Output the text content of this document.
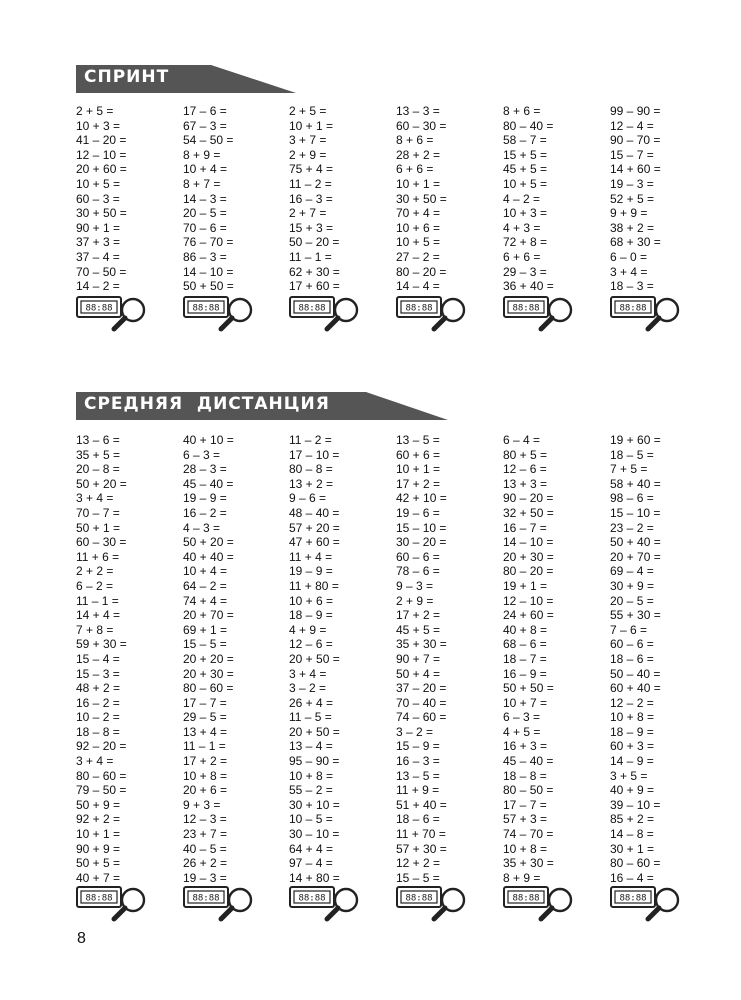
СПРИНТ
2 + 5 =
10 + 3 =
41 – 20 =
12 – 10 =
20 + 60 =
10 + 5 =
60 – 3 =
30 + 50 =
90 + 1 =
37 + 3 =
37 – 4 =
70 – 50 =
14 – 2 =
88:88
17 – 6 =
67 – 3 =
54 – 50 =
8 + 9 =
10 + 4 =
8 + 7 =
14 – 3 =
20 – 5 =
70 – 6 =
76 – 70 =
86 – 3 =
14 – 10 =
50 + 50 =
88:88
2 + 5 =
10 + 1 =
3 + 7 =
2 + 9 =
75 + 4 =
11 – 2 =
16 – 3 =
2 + 7 =
15 + 3 =
50 – 20 =
11 – 1 =
62 + 30 =
17 + 60 =
88:88
13 – 3 =
60 – 30 =
8 + 6 =
28 + 2 =
6 + 6 =
10 + 1 =
30 + 50 =
70 + 4 =
10 + 6 =
10 + 5 =
27 – 2 =
80 – 20 =
14 – 4 =
88:88
8 + 6 =
80 – 40 =
58 – 7 =
15 + 5 =
45 + 5 =
10 + 5 =
4 – 2 =
10 + 3 =
4 + 3 =
72 + 8 =
6 + 6 =
29 – 3 =
36 + 40 =
88:88
99 – 90 =
12 – 4 =
90 – 70 =
15 – 7 =
14 + 60 =
19 – 3 =
52 + 5 =
9 + 9 =
38 + 2 =
68 + 30 =
6 – 0 =
3 + 4 =
18 – 3 =
88:88
СРЕДНЯЯ  ДИСТАНЦИЯ
13 – 6 =
35 + 5 =
20 – 8 =
50 + 20 =
3 + 4 =
70 – 7 =
50 + 1 =
60 – 30 =
11 + 6 =
2 + 2 =
6 – 2 =
11 – 1 =
14 + 4 =
7 + 8 =
59 + 30 =
15 – 4 =
15 – 3 =
48 + 2 =
16 – 2 =
10 – 2 =
18 – 8 =
92 – 20 =
3 + 4 =
80 – 60 =
79 – 50 =
50 + 9 =
92 + 2 =
10 + 1 =
90 + 9 =
50 + 5 =
40 + 7 =
88:88
40 + 10 =
6 – 3 =
28 – 3 =
45 – 40 =
19 – 9 =
16 – 2 =
4 – 3 =
50 + 20 =
40 + 40 =
10 + 4 =
64 – 2 =
74 + 4 =
20 + 70 =
69 + 1 =
15 – 5 =
20 + 20 =
20 + 30 =
80 – 60 =
17 – 7 =
29 – 5 =
13 + 4 =
11 – 1 =
17 + 2 =
10 + 8 =
20 + 6 =
9 + 3 =
12 – 3 =
23 + 7 =
40 – 5 =
26 + 2 =
19 – 3 =
88:88
11 – 2 =
17 – 10 =
80 – 8 =
13 + 2 =
9 – 6 =
48 – 40 =
57 + 20 =
47 + 60 =
11 + 4 =
19 – 9 =
11 + 80 =
10 + 6 =
18 – 9 =
4 + 9 =
12 – 6 =
20 + 50 =
3 + 4 =
3 – 2 =
26 + 4 =
11 – 5 =
20 + 50 =
13 – 4 =
95 – 90 =
10 + 8 =
55 – 2 =
30 + 10 =
10 – 5 =
30 – 10 =
64 + 4 =
97 – 4 =
14 + 80 =
88:88
13 – 5 =
60 + 6 =
10 + 1 =
17 + 2 =
42 + 10 =
19 – 6 =
15 – 10 =
30 – 20 =
60 – 6 =
78 – 6 =
9 – 3 =
2 + 9 =
17 + 2 =
45 + 5 =
35 + 30 =
90 + 7 =
50 + 4 =
37 – 20 =
70 – 40 =
74 – 60 =
3 – 2 =
15 – 9 =
16 – 3 =
13 – 5 =
11 + 9 =
51 + 40 =
18 – 6 =
11 + 70 =
57 + 30 =
12 + 2 =
15 – 5 =
88:88
6 – 4 =
80 + 5 =
12 – 6 =
13 + 3 =
90 – 20 =
32 + 50 =
16 – 7 =
14 – 10 =
20 + 30 =
80 – 20 =
19 + 1 =
12 – 10 =
24 + 60 =
40 + 8 =
68 – 6 =
18 – 7 =
16 – 9 =
50 + 50 =
10 + 7 =
6 – 3 =
4 + 5 =
16 + 3 =
45 – 40 =
18 – 8 =
80 – 50 =
17 – 7 =
57 + 3 =
74 – 70 =
10 + 8 =
35 + 30 =
8 + 9 =
88:88
19 + 60 =
18 – 5 =
7 + 5 =
58 + 40 =
98 – 6 =
15 – 10 =
23 – 2 =
50 + 40 =
20 + 70 =
69 – 4 =
30 + 9 =
20 – 5 =
55 + 30 =
7 – 6 =
60 – 6 =
18 – 6 =
50 – 40 =
60 + 40 =
12 – 2 =
10 + 8 =
18 – 9 =
60 + 3 =
14 – 9 =
3 + 5 =
40 + 9 =
39 – 10 =
85 + 2 =
14 – 8 =
30 + 1 =
80 – 60 =
16 – 4 =
88:88
8
